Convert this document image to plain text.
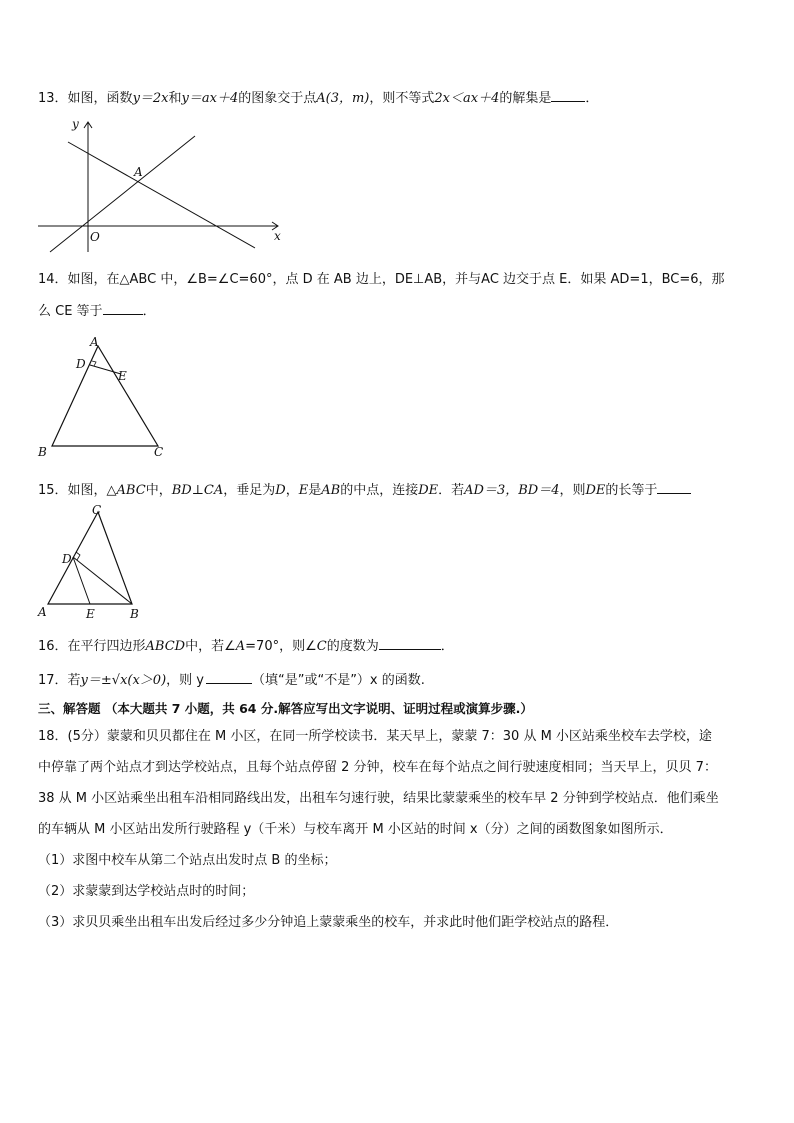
13．如图，函数y＝2x和y＝ax＋4的图象交于点A(3，m)，则不等式2x＜ax＋4的解集是	．
y
x
O
A
14．如图，在△ABC 中，∠B=∠C=60°，点 D 在 AB 边上，DE⊥AB，并与AC 边交于点 E．如果 AD=1，BC=6，那
么 CE 等于	．
A
D
E
B	C
15．如图，△ABC中，BD⊥CA，垂足为D，E是AB的中点，连接DE．若AD＝3，BD＝4，则DE的长等于
C
D
A	E	B
16．在平行四边形ABCD中，若∠A=70°，则∠C的度数为	．
17．若y＝±√x(x＞0)，则 y	（填“是”或“不是”）x 的函数.
三、解答题 （本大题共 7 小题，共 64 分.解答应写出文字说明、证明过程或演算步骤.）
18．(5分）蒙蒙和贝贝都住在 M 小区，在同一所学校读书．某天早上，蒙蒙 7：30 从 M 小区站乘坐校车去学校，途
中停靠了两个站点才到达学校站点，且每个站点停留 2 分钟，校车在每个站点之间行驶速度相同；当天早上，贝贝 7：
38 从 M 小区站乘坐出租车沿相同路线出发，出租车匀速行驶，结果比蒙蒙乘坐的校车早 2 分钟到学校站点．他们乘坐
的车辆从 M 小区站出发所行驶路程 y（千米）与校车离开 M 小区站的时间 x（分）之间的函数图象如图所示．
（1）求图中校车从第二个站点出发时点 B 的坐标；
（2）求蒙蒙到达学校站点时的时间；
（3）求贝贝乘坐出租车出发后经过多少分钟追上蒙蒙乘坐的校车，并求此时他们距学校站点的路程．
